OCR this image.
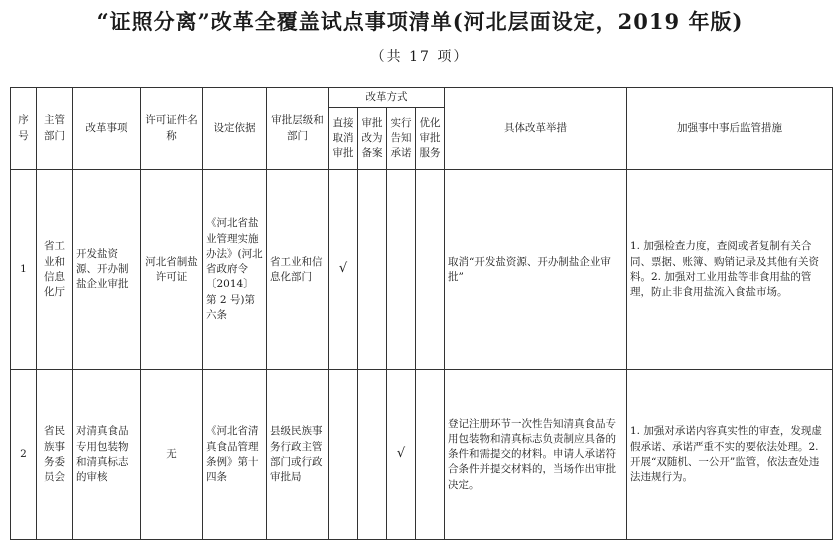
“证照分离”改革全覆盖试点事项清单(河北层面设定，2019 年版)
（共 17 项）
序号	主管部门	改革事项	许可证件名称	设定依据	审批层级和部门	改革方式				具体改革举措	加强事中事后监管措施
						直接取消审批	审批改为备案	实行告知承诺	优化审批服务		
1	省工业和信息化厅	开发盐资源、开办制盐企业审批	河北省制盐许可证	《河北省盐业管理实施办法》(河北省政府令〔2014〕第 2 号)第六条	省工业和信息化部门	√				取消“开发盐资源、开办制盐企业审批”	1. 加强检查力度，查阅或者复制有关合同、票据、账簿、购销记录及其他有关资料。2. 加强对工业用盐等非食用盐的管理，防止非食用盐流入食盐市场。
2	省民族事务委员会	对清真食品专用包装物和清真标志的审核	无	《河北省清真食品管理条例》第十四条	县级民族事务行政主管部门或行政审批局			√		登记注册环节一次性告知清真食品专用包装物和清真标志负责制应具备的条件和需提交的材料。申请人承诺符合条件并提交材料的，当场作出审批决定。	1. 加强对承诺内容真实性的审查，发现虚假承诺、承诺严重不实的要依法处理。2. 开展“双随机、一公开”监管，依法查处违法违规行为。
